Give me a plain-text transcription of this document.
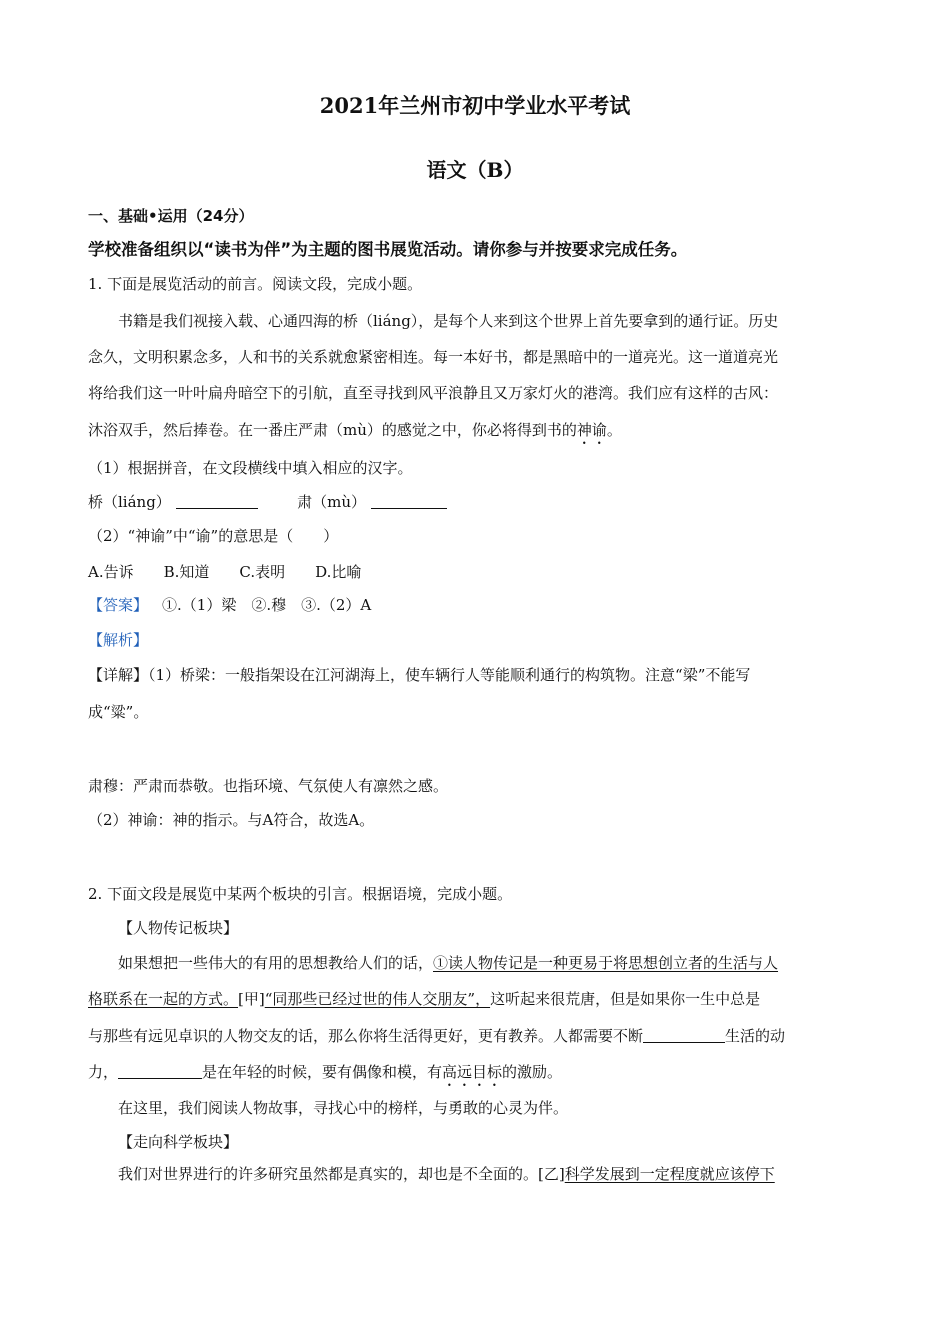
2021年兰州市初中学业水平考试
语文（B）
一、基础•运用（24分）
学校准备组织以“读书为伴”为主题的图书展览活动。请你参与并按要求完成任务。
1. 下面是展览活动的前言。阅读文段，完成小题。
书籍是我们视接入载、心通四海的桥（liáng），是每个人来到这个世界上首先要拿到的通行证。历史
念久，文明积累念多，人和书的关系就愈紧密相连。每一本好书，都是黑暗中的一道亮光。这一道道亮光
将给我们这一叶叶扁舟暗空下的引航，直至寻找到风平浪静且又万家灯火的港湾。我们应有这样的古风：
沐浴双手，然后捧卷。在一番庄严肃（mù）的感觉之中，你必将得到书的神谕。
（1）根据拼音，在文段横线中填入相应的汉字。
桥（liáng）	肃（mù）
（2）“神谕”中“谕”的意思是（　　）
A.告诉 B.知道 C.表明 D.比喻
【答案】 ①.（1）梁　②.穆　③.（2）A
【解析】
【详解】（1）桥梁：一般指架设在江河湖海上，使车辆行人等能顺利通行的构筑物。注意“梁”不能写
成“粱”。
肃穆：严肃而恭敬。也指环境、气氛使人有凛然之感。
（2）神谕：神的指示。与A符合，故选A。
2. 下面文段是展览中某两个板块的引言。根据语境，完成小题。
【人物传记板块】
如果想把一些伟大的有用的思想教给人们的话，①读人物传记是一种更易于将思想创立者的生活与人
格联系在一起的方式。[甲]“同那些已经过世的伟人交朋友”，这听起来很荒唐，但是如果你一生中总是
与那些有远见卓识的人物交友的话，那么你将生活得更好，更有教养。人都需要不断	生活的动
力，	是在年轻的时候，要有偶像和模，有高远目标的激励。
在这里，我们阅读人物故事，寻找心中的榜样，与勇敢的心灵为伴。
【走向科学板块】
我们对世界进行的许多研究虽然都是真实的，却也是不全面的。[乙]科学发展到一定程度就应该停下
